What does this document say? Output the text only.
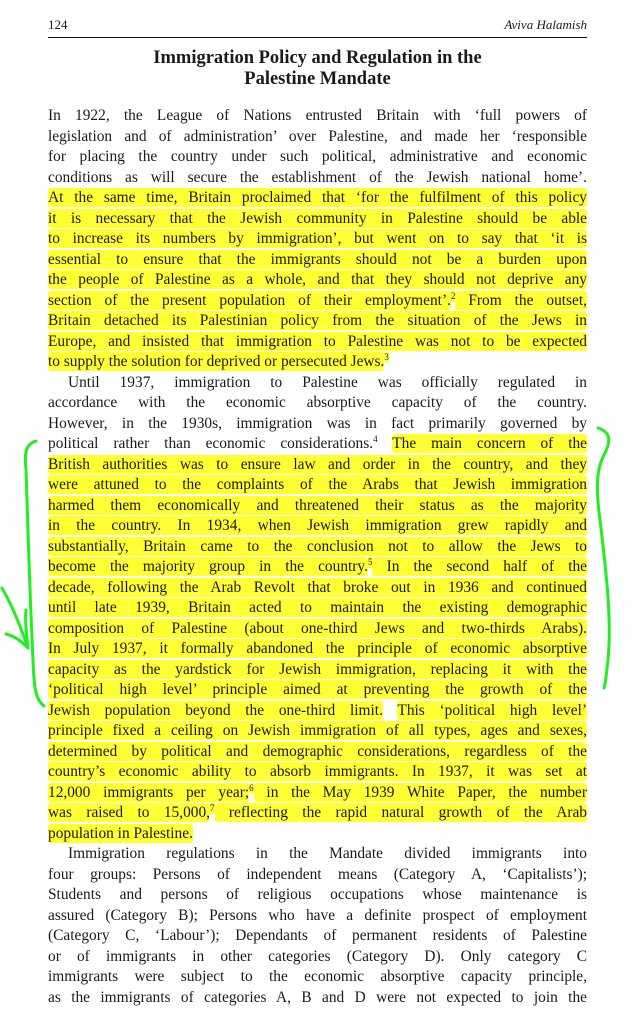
124	Aviva Halamish
Immigration Policy and Regulation in the
Palestine Mandate
In 1922, the League of Nations entrusted Britain with ‘full powers of
legislation and of administration’ over Palestine, and made her ‘responsible
for placing the country under such political, administrative and economic
conditions as will secure the establishment of the Jewish national home’.
At the same time, Britain proclaimed that ‘for the fulfilment of this policy
it is necessary that the Jewish community in Palestine should be able
to increase its numbers by immigration’, but went on to say that ‘it is
essential to ensure that the immigrants should not be a burden upon
the people of Palestine as a whole, and that they should not deprive any
section of the present population of their employment’.$^2$ From the outset,
Britain detached its Palestinian policy from the situation of the Jews in
Europe, and insisted that immigration to Palestine was not to be expected
to supply the solution for deprived or persecuted Jews.$^3$
Until 1937, immigration to Palestine was officially regulated in
accordance with the economic absorptive capacity of the country.
However, in the 1930s, immigration was in fact primarily governed by
political rather than economic considerations.$^4$ The main concern of the
British authorities was to ensure law and order in the country, and they
were attuned to the complaints of the Arabs that Jewish immigration
harmed them economically and threatened their status as the majority
in the country. In 1934, when Jewish immigration grew rapidly and
substantially, Britain came to the conclusion not to allow the Jews to
become the majority group in the country.$^5$ In the second half of the
decade, following the Arab Revolt that broke out in 1936 and continued
until late 1939, Britain acted to maintain the existing demographic
composition of Palestine (about one-third Jews and two-thirds Arabs).
In July 1937, it formally abandoned the principle of economic absorptive
capacity as the yardstick for Jewish immigration, replacing it with the
‘political high level’ principle aimed at preventing the growth of the
Jewish population beyond the one-third limit. This ‘political high level’
principle fixed a ceiling on Jewish immigration of all types, ages and sexes,
determined by political and demographic considerations, regardless of the
country’s economic ability to absorb immigrants. In 1937, it was set at
12,000 immigrants per year;$^6$ in the May 1939 White Paper, the number
was raised to 15,000,$^7$ reflecting the rapid natural growth of the Arab
population in Palestine.
Immigration regulations in the Mandate divided immigrants into
four groups: Persons of independent means (Category A, ‘Capitalists’);
Students and persons of religious occupations whose maintenance is
assured (Category B); Persons who have a definite prospect of employment
(Category C, ‘Labour’); Dependants of permanent residents of Palestine
or of immigrants in other categories (Category D). Only category C
immigrants were subject to the economic absorptive capacity principle,
as the immigrants of categories A, B and D were not expected to join the
